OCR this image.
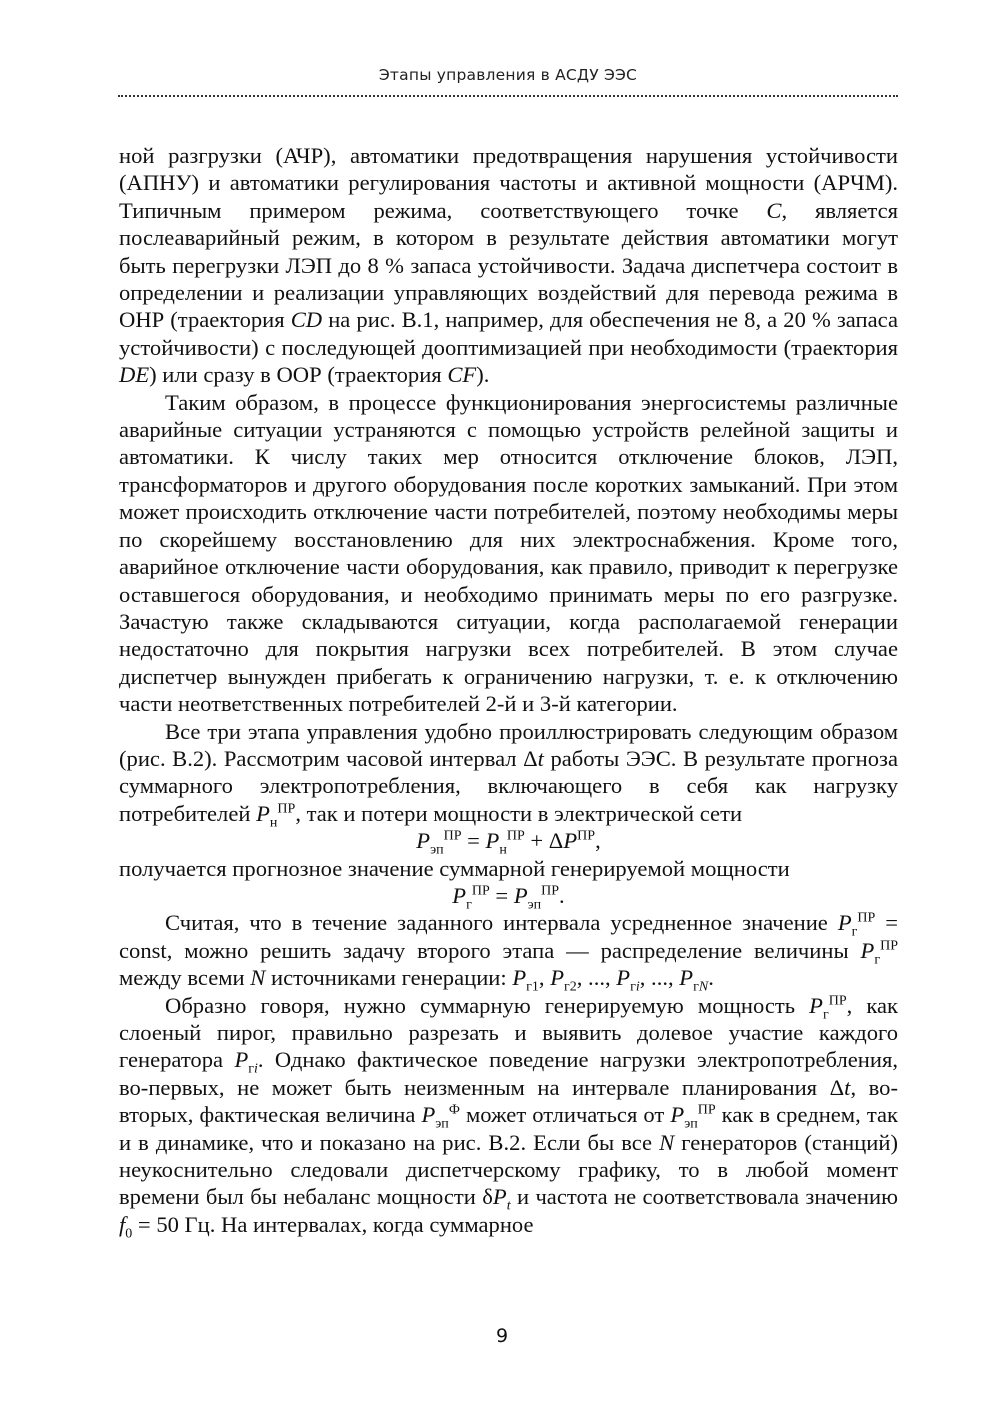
Этапы управления в АСДУ ЭЭС

ной разгрузки (АЧР), автоматики предотвращения нарушения устойчивости (АПНУ) и автоматики регулирования частоты и активной мощности (АРЧМ). Типичным примером режима, соответствующего точке C, является послеаварийный режим, в котором в результате действия автоматики могут быть перегрузки ЛЭП до 8 % запаса устойчивости. Задача диспетчера состоит в определении и реализации управляющих воздействий для перевода режима в ОНР (траектория CD на рис. В.1, например, для обеспечения не 8, а 20 % запаса устойчивости) с последующей дооптимизацией при необходимости (траектория DE) или сразу в ООР (траектория CF).

Таким образом, в процессе функционирования энергосистемы различные аварийные ситуации устраняются с помощью устройств релейной защиты и автоматики. К числу таких мер относится отключение блоков, ЛЭП, трансформаторов и другого оборудования после коротких замыканий. При этом может происходить отключение части потребителей, поэтому необходимы меры по скорейшему восстановлению для них электроснабжения. Кроме того, аварийное отключение части оборудования, как правило, приводит к перегрузке оставшегося оборудования, и необходимо принимать меры по его разгрузке. Зачастую также складываются ситуации, когда располагаемой генерации недостаточно для покрытия нагрузки всех потребителей. В этом случае диспетчер вынужден прибегать к ограничению нагрузки, т. е. к отключению части неответственных потребителей 2-й и 3-й категории.

Все три этапа управления удобно проиллюстрировать следующим образом (рис. В.2). Рассмотрим часовой интервал Δt работы ЭЭС. В результате прогноза суммарного электропотребления, включающего в себя как нагрузку потребителей $P_н^{ПР}$, так и потери мощности в электрической сети

$P_{эп}^{ПР} = P_н^{ПР} + \Delta P^{ПР}$,

получается прогнозное значение суммарной генерируемой мощности

$P_г^{ПР} = P_{эп}^{ПР}$.

Считая, что в течение заданного интервала усредненное значение $P_г^{ПР}$ = const, можно решить задачу второго этапа — распределение величины $P_г^{ПР}$ между всеми N источниками генерации: $P_{г1}$, $P_{г2}$, ..., $P_{гi}$, ..., $P_{гN}$.

Образно говоря, нужно суммарную генерируемую мощность $P_г^{ПР}$, как слоеный пирог, правильно разрезать и выявить долевое участие каждого генератора $P_{гi}$. Однако фактическое поведение нагрузки электропотребления, во-первых, не может быть неизменным на интервале планирования Δt, во-вторых, фактическая величина $P_{эп}^Ф$ может отличаться от $P_{эп}^{ПР}$ как в среднем, так и в динамике, что и показано на рис. В.2. Если бы все N генераторов (станций) неукоснительно следовали диспетчерскому графику, то в любой момент времени был бы небаланс мощности $\delta P_t$ и частота не соответствовала значению $f_0 = 50$ Гц. На интервалах, когда суммарное

9
